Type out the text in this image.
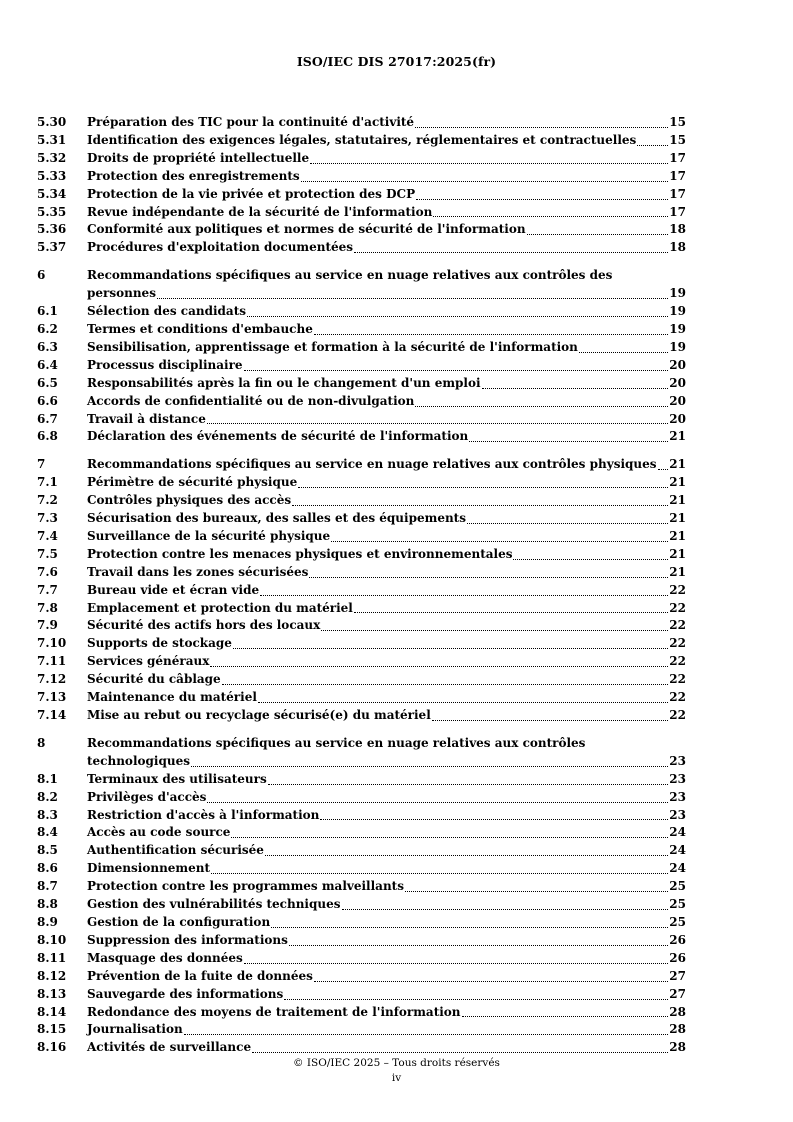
ISO/IEC DIS 27017:2025(fr)
5.30	Préparation des TIC pour la continuité d'activité	15
5.31	Identification des exigences légales, statutaires, réglementaires et contractuelles	15
5.32	Droits de propriété intellectuelle	17
5.33	Protection des enregistrements	17
5.34	Protection de la vie privée et protection des DCP	17
5.35	Revue indépendante de la sécurité de l'information	17
5.36	Conformité aux politiques et normes de sécurité de l'information	18
5.37	Procédures d'exploitation documentées	18
6	Recommandations spécifiques au service en nuage relatives aux contrôles des
personnes	19
6.1	Sélection des candidats	19
6.2	Termes et conditions d'embauche	19
6.3	Sensibilisation, apprentissage et formation à la sécurité de l'information	19
6.4	Processus disciplinaire	20
6.5	Responsabilités après la fin ou le changement d'un emploi	20
6.6	Accords de confidentialité ou de non-divulgation	20
6.7	Travail à distance	20
6.8	Déclaration des événements de sécurité de l'information	21
7	Recommandations spécifiques au service en nuage relatives aux contrôles physiques 21
7.1	Périmètre de sécurité physique	21
7.2	Contrôles physiques des accès	21
7.3	Sécurisation des bureaux, des salles et des équipements	21
7.4	Surveillance de la sécurité physique	21
7.5	Protection contre les menaces physiques et environnementales	21
7.6	Travail dans les zones sécurisées	21
7.7	Bureau vide et écran vide	22
7.8	Emplacement et protection du matériel	22
7.9	Sécurité des actifs hors des locaux	22
7.10	Supports de stockage	22
7.11	Services généraux	22
7.12	Sécurité du câblage	22
7.13	Maintenance du matériel	22
7.14	Mise au rebut ou recyclage sécurisé(e) du matériel	22
8	Recommandations spécifiques au service en nuage relatives aux contrôles
technologiques	23
8.1	Terminaux des utilisateurs	23
8.2	Privilèges d'accès	23
8.3	Restriction d'accès à l'information	23
8.4	Accès au code source	24
8.5	Authentification sécurisée	24
8.6	Dimensionnement	24
8.7	Protection contre les programmes malveillants	25
8.8	Gestion des vulnérabilités techniques	25
8.9	Gestion de la configuration	25
8.10	Suppression des informations	26
8.11	Masquage des données	26
8.12	Prévention de la fuite de données	27
8.13	Sauvegarde des informations	27
8.14	Redondance des moyens de traitement de l'information	28
8.15	Journalisation	28
8.16	Activités de surveillance	28
© ISO/IEC 2025 – Tous droits réservés
iv
